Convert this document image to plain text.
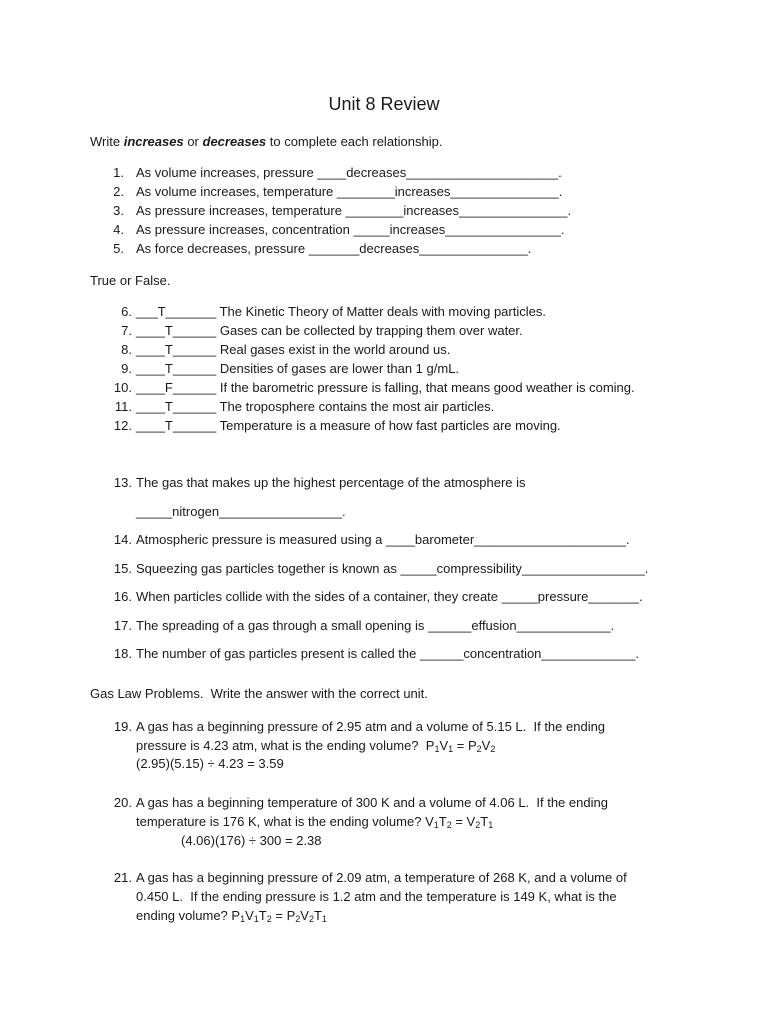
Unit 8 Review
Write increases or decreases to complete each relationship.
1. As volume increases, pressure ____decreases_____________________.
2. As volume increases, temperature ________increases_______________.
3. As pressure increases, temperature ________increases_______________.
4. As pressure increases, concentration _____increases________________.
5. As force decreases, pressure _______decreases_______________.
True or False.
6. ___T_______ The Kinetic Theory of Matter deals with moving particles.
7. ____T______ Gases can be collected by trapping them over water.
8. ____T______ Real gases exist in the world around us.
9. ____T______ Densities of gases are lower than 1 g/mL.
10. ____F______ If the barometric pressure is falling, that means good weather is coming.
11. ____T______ The troposphere contains the most air particles.
12. ____T______ Temperature is a measure of how fast particles are moving.
13. The gas that makes up the highest percentage of the atmosphere is
_____nitrogen_________________.
14. Atmospheric pressure is measured using a ____barometer_____________________.
15. Squeezing gas particles together is known as _____compressibility_________________.
16. When particles collide with the sides of a container, they create _____pressure_______.
17. The spreading of a gas through a small opening is ______effusion_____________.
18. The number of gas particles present is called the ______concentration_____________.
Gas Law Problems.  Write the answer with the correct unit.
19. A gas has a beginning pressure of 2.95 atm and a volume of 5.15 L.  If the ending
pressure is 4.23 atm, what is the ending volume?  $P_1V_1 = P_2V_2$
(2.95)(5.15) ÷ 4.23 = 3.59
20. A gas has a beginning temperature of 300 K and a volume of 4.06 L.  If the ending
temperature is 176 K, what is the ending volume? $V_1T_2 = V_2T_1$
(4.06)(176) ÷ 300 = 2.38
21. A gas has a beginning pressure of 2.09 atm, a temperature of 268 K, and a volume of
0.450 L.  If the ending pressure is 1.2 atm and the temperature is 149 K, what is the
ending volume? $P_1V_1T_2 = P_2V_2T_1$
